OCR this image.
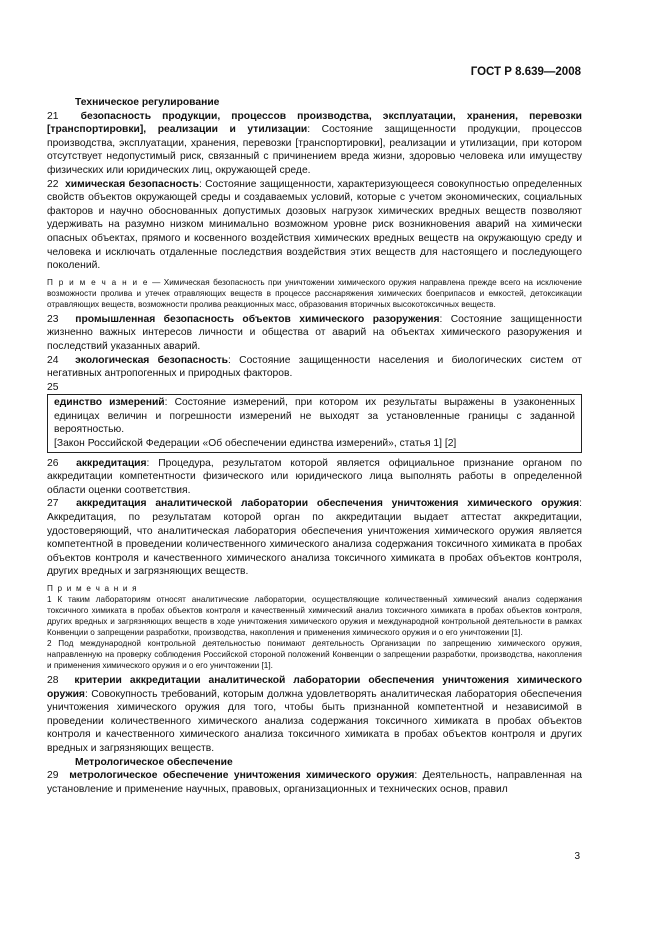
ГОСТ Р 8.639—2008
Техническое регулирование

21 безопасность продукции, процессов производства, эксплуатации, хранения, перевозки [транспортировки], реализации и утилизации: Состояние защищенности продукции, процессов производства, эксплуатации, хранения, перевозки [транспортировки], реализации и утилизации, при котором отсутствует недопустимый риск, связанный с причинением вреда жизни, здоровью человека или имуществу физических или юридических лиц, окружающей среде.

22 химическая безопасность: Состояние защищенности, характеризующееся совокупностью определенных свойств объектов окружающей среды и создаваемых условий, которые с учетом экономических, социальных факторов и научно обоснованных допустимых дозовых нагрузок химических вредных веществ позволяют удерживать на разумно низком минимально возможном уровне риск возникновения аварий на химически опасных объектах, прямого и косвенного воздействия химических вредных веществ на окружающую среду и человека и исключать отдаленные последствия воздействия этих веществ для настоящего и последующего поколений.

П р и м е ч а н и е — Химическая безопасность при уничтожении химического оружия направлена прежде всего на исключение возможности пролива и утечек отравляющих веществ в процессе расснаряжения химических боеприпасов и емкостей, детоксикации отравляющих веществ, возможности пролива реакционных масс, образования вторичных высокотоксичных веществ.

23 промышленная безопасность объектов химического разоружения: Состояние защищенности жизненно важных интересов личности и общества от аварий на объектах химического разоружения и последствий указанных аварий.

24 экологическая безопасность: Состояние защищенности населения и биологических систем от негативных антропогенных и природных факторов.

25

единство измерений: Состояние измерений, при котором их результаты выражены в узаконенных единицах величин и погрешности измерений не выходят за установленные границы с заданной вероятностью.

[Закон Российской Федерации «Об обеспечении единства измерений», статья 1] [2]

26 аккредитация: Процедура, результатом которой является официальное признание органом по аккредитации компетентности физического или юридического лица выполнять работы в определенной области оценки соответствия.

27 аккредитация аналитической лаборатории обеспечения уничтожения химического оружия: Аккредитация, по результатам которой орган по аккредитации выдает аттестат аккредитации, удостоверяющий, что аналитическая лаборатория обеспечения уничтожения химического оружия является компетентной в проведении количественного химического анализа содержания токсичного химиката в пробах объектов контроля и качественного химического анализа токсичного химиката в пробах объектов контроля, других вредных и загрязняющих веществ.

П р и м е ч а н и я
1 К таким лабораториям относят аналитические лаборатории, осуществляющие количественный химический анализ содержания токсичного химиката в пробах объектов контроля и качественный химический анализ токсичного химиката в пробах объектов контроля, других вредных и загрязняющих веществ в ходе уничтожения химического оружия и международной контрольной деятельности в рамках Конвенции о запрещении разработки, производства, накопления и применения химического оружия и о его уничтожении [1].
2 Под международной контрольной деятельностью понимают деятельность Организации по запрещению химического оружия, направленную на проверку соблюдения Российской стороной положений Конвенции о запрещении разработки, производства, накопления и применения химического оружия и о его уничтожении [1].

28 критерии аккредитации аналитической лаборатории обеспечения уничтожения химического оружия: Совокупность требований, которым должна удовлетворять аналитическая лаборатория обеспечения уничтожения химического оружия для того, чтобы быть признанной компетентной и независимой в проведении количественного химического анализа содержания токсичного химиката в пробах объектов контроля и качественного химического анализа токсичного химиката в пробах объектов контроля и других вредных и загрязняющих веществ.

Метрологическое обеспечение

29 метрологическое обеспечение уничтожения химического оружия: Деятельность, направленная на установление и применение научных, правовых, организационных и технических основ, правил

3
